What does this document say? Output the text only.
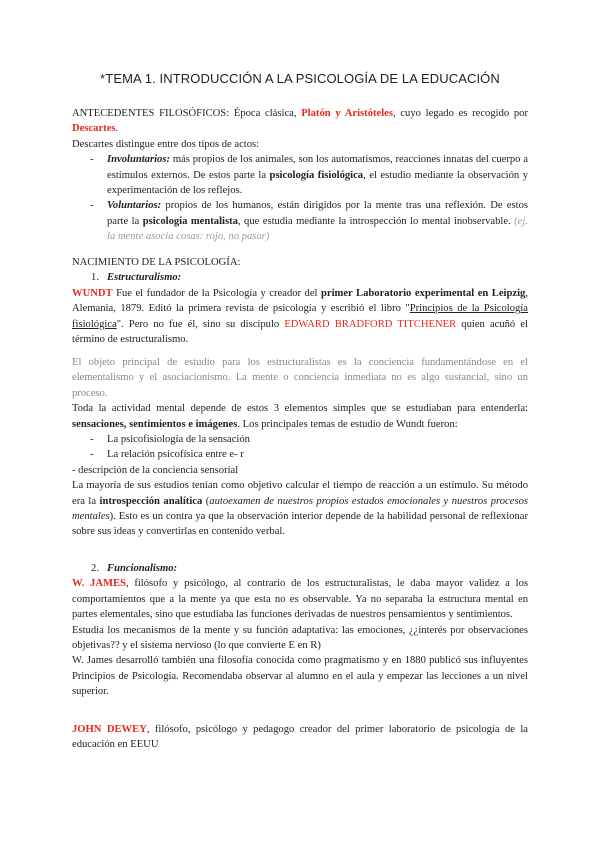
*TEMA 1. INTRODUCCIÓN A LA PSICOLOGÍA DE LA EDUCACIÓN

ANTECEDENTES FILOSÓFICOS: Época clásica, Platón y Aristóteles, cuyo legado es recogido por Descartes.

Descartes distingue entre dos tipos de actos:

- Involuntarios: más propios de los animales, son los automatismos, reacciones innatas del cuerpo a estímulos externos. De estos parte la psicología fisiológica, el estudio mediante la observación y experimentación de los reflejos.
- Voluntarios: propios de los humanos, están dirigidos por la mente tras una reflexión. De estos parte la psicología mentalista, que estudia mediante la introspección lo mental inobservable. (ej. la mente asocia cosas: rojo, no pasar)

NACIMIENTO DE LA PSICOLOGÍA:

1. Estructuralismo:

WUNDT Fue el fundador de la Psicología y creador del primer Laboratorio experimental en Leipzig, Alemania, 1879. Editó la primera revista de psicología y escribió el libro "Principios de la Psicología fisiológica". Pero no fue él, sino su discípulo EDWARD BRADFORD TITCHENER quien acuñó el término de estructuralismo.

El objeto principal de estudio para los estructuralistas es la conciencia fundamentándose en el elementalismo y el asociacionismo. La mente o conciencia inmediata no es algo sustancial, sino un proceso.

Toda la actividad mental depende de estos 3 elementos simples que se estudiaban para entenderla: sensaciones, sentimientos e imágenes. Los principales temas de estudio de Wundt fueron:

- La psicofisiología de la sensación
- La relación psicofísica entre e- r

- descripción de la conciencia sensorial

La mayoría de sus estudios tenían como objetivo calcular el tiempo de reacción a un estímulo. Su método era la introspección analítica (autoexamen de nuestros propios estados emocionales y nuestros procesos mentales). Esto es un contra ya que la observación interior depende de la habilidad personal de reflexionar sobre sus ideas y convertirlas en contenido verbal.

2. Funcionalismo:

W. JAMES, filósofo y psicólogo, al contrario de los estructuralistas, le daba mayor validez a los comportamientos que a la mente ya que esta no es observable. Ya no separaba la estructura mental en partes elementales, sino que estudiaba las funciones derivadas de nuestros pensamientos y sentimientos.

Estudia los mecanismos de la mente y su función adaptativa: las emociones, ¿¿interés por observaciones objetivas?? y el sistema nervioso (lo que convierte E en R)

W. James desarrolló también una filosofía conocida como pragmatismo y en 1880 publicó sus influyentes Principios de Psicología. Recomendaba observar al alumno en el aula y empezar las lecciones a un nivel superior.

JOHN DEWEY, filósofo, psicólogo y pedagogo creador del primer laboratorio de psicología de la educación en EEUU
